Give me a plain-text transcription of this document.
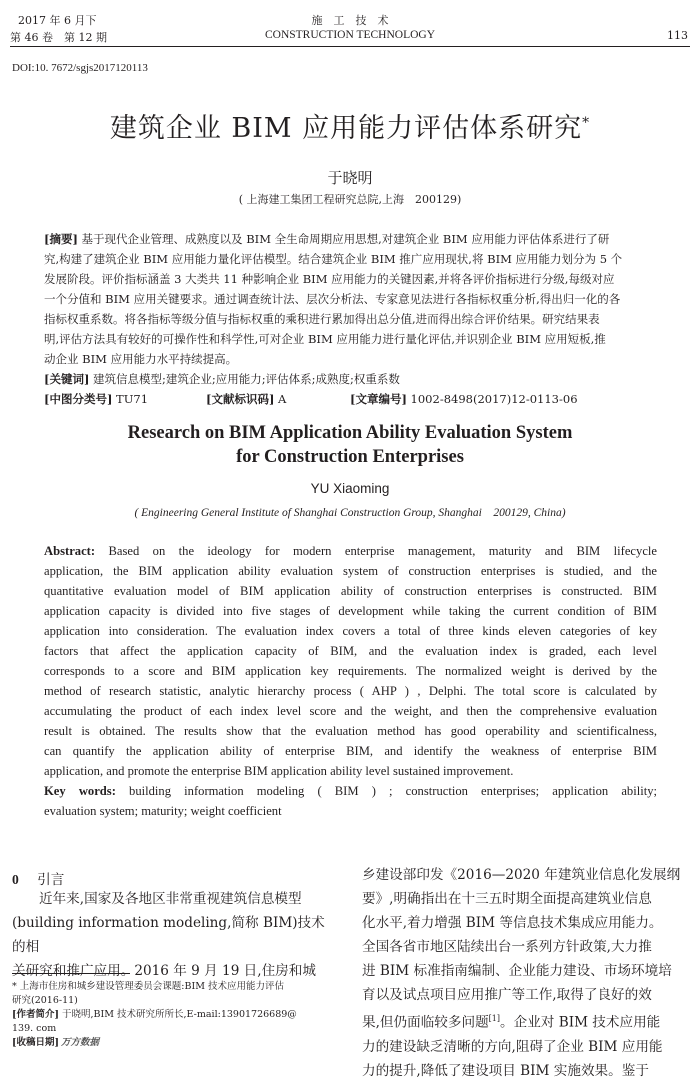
2017 年 6 月下
第 46 卷　第 12 期
施　工　技　术
CONSTRUCTION TECHNOLOGY	113
DOI:10. 7672/sgjs2017120113
建筑企业 BIM 应用能力评估体系研究*
于晓明
( 上海建工集团工程研究总院,上海　200129)
[摘要] 基于现代企业管理、成熟度以及 BIM 全生命周期应用思想,对建筑企业 BIM 应用能力评估体系进行了研
究,构建了建筑企业 BIM 应用能力量化评估模型。结合建筑企业 BIM 推广应用现状,将 BIM 应用能力划分为 5 个
发展阶段。评价指标涵盖 3 大类共 11 种影响企业 BIM 应用能力的关键因素,并将各评价指标进行分级,每级对应
一个分值和 BIM 应用关键要求。通过调查统计法、层次分析法、专家意见法进行各指标权重分析,得出归一化的各
指标权重系数。将各指标等级分值与指标权重的乘积进行累加得出总分值,进而得出综合评价结果。研究结果表
明,评估方法具有较好的可操作性和科学性,可对企业 BIM 应用能力进行量化评估,并识别企业 BIM 应用短板,推
动企业 BIM 应用能力水平持续提高。
[关键词] 建筑信息模型;建筑企业;应用能力;评估体系;成熟度;权重系数
[中图分类号] TU71	[文献标识码] A	[文章编号] 1002-8498(2017)12-0113-06
Research on BIM Application Ability Evaluation System
for Construction Enterprises
YU Xiaoming
( Engineering General Institute of Shanghai Construction Group, Shanghai　200129, China)
Abstract: Based on the ideology for modern enterprise management, maturity and BIM lifecycle
application, the BIM application ability evaluation system of construction enterprises is studied, and the
quantitative evaluation model of BIM application ability of construction enterprises is constructed. BIM
application capacity is divided into five stages of development while taking the current condition of BIM
application into consideration. The evaluation index covers a total of three kinds eleven categories of key
factors that affect the application capacity of BIM, and the evaluation index is graded, each level
corresponds to a score and BIM application key requirements. The normalized weight is derived by the
method of research statistic, analytic hierarchy process ( AHP ) , Delphi. The total score is calculated by
accumulating the product of each index level score and the weight, and then the comprehensive evaluation
result is obtained. The results show that the evaluation method has good operability and scientificalness,
can quantify the application ability of enterprise BIM, and identify the weakness of enterprise BIM
application, and promote the enterprise BIM application ability level sustained improvement.
Key words: building information modeling ( BIM ) ; construction enterprises; application ability;
evaluation system; maturity; weight coefficient
0 引言
近年来,国家及各地区非常重视建筑信息模型
(building information modeling,简称 BIM)技术的相
关研究和推广应用。2016 年 9 月 19 日,住房和城
* 上海市住房和城乡建设管理委员会课题:BIM 技术应用能力评估
研究(2016-11)
[作者简介] 于晓明,BIM 技术研究所所长,E-mail:13901726689@
139. com
[收稿日期] 万方数据
乡建设部印发《2016—2020 年建筑业信息化发展纲
要》,明确指出在十三五时期全面提高建筑业信息
化水平,着力增强 BIM 等信息技术集成应用能力。
全国各省市地区陆续出台一系列方针政策,大力推
进 BIM 标准指南编制、企业能力建设、市场环境培
育以及试点项目应用推广等工作,取得了良好的效
果,但仍面临较多问题[1]。企业对 BIM 技术应用能
力的建设缺乏清晰的方向,阻碍了企业 BIM 应用能
力的提升,降低了建设项目 BIM 实施效果。鉴于
